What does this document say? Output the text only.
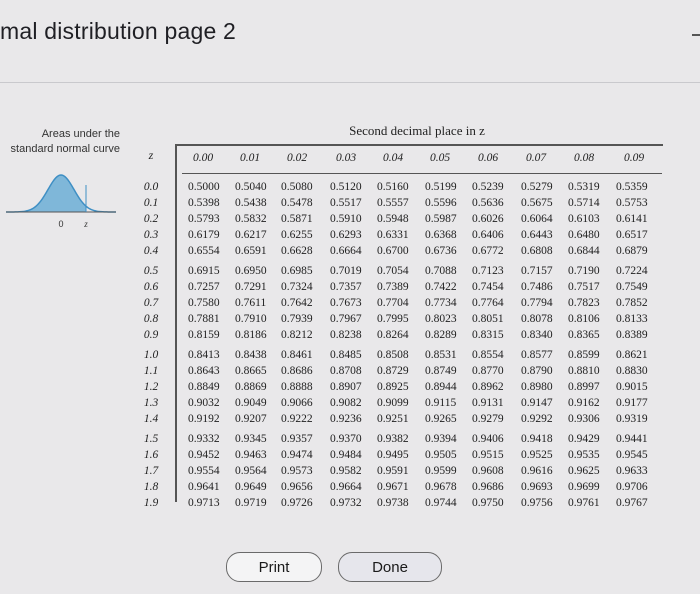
mal distribution page 2
Areas under the standard normal curve
0 z
Second decimal place in z
z	0.00 0.01 0.02	0.03 0.04 0.05 0.06 0.07 0.08	0.09
0.0	0.5000 0.5040 0.5080 0.5120 0.5160 0.5199 0.5239 0.5279 0.5319 0.5359
0.1	0.5398 0.5438 0.5478 0.5517 0.5557 0.5596 0.5636 0.5675 0.5714 0.5753
0.2	0.5793 0.5832 0.5871 0.5910 0.5948 0.5987 0.6026 0.6064 0.6103 0.6141
0.3	0.6179 0.6217 0.6255 0.6293 0.6331 0.6368 0.6406 0.6443 0.6480 0.6517
0.4	0.6554 0.6591 0.6628 0.6664 0.6700 0.6736 0.6772 0.6808 0.6844 0.6879
0.5	0.6915 0.6950 0.6985 0.7019 0.7054 0.7088 0.7123 0.7157 0.7190 0.7224
0.6	0.7257 0.7291 0.7324 0.7357 0.7389 0.7422 0.7454 0.7486 0.7517 0.7549
0.7	0.7580 0.7611 0.7642 0.7673 0.7704 0.7734 0.7764 0.7794 0.7823 0.7852
0.8	0.7881 0.7910 0.7939 0.7967 0.7995 0.8023 0.8051 0.8078 0.8106 0.8133
0.9	0.8159 0.8186 0.8212 0.8238 0.8264 0.8289 0.8315 0.8340 0.8365 0.8389
1.0	0.8413 0.8438 0.8461 0.8485 0.8508 0.8531 0.8554 0.8577 0.8599 0.8621
1.1	0.8643 0.8665 0.8686 0.8708 0.8729 0.8749 0.8770 0.8790 0.8810 0.8830
1.2	0.8849 0.8869 0.8888 0.8907 0.8925 0.8944 0.8962 0.8980 0.8997 0.9015
1.3	0.9032 0.9049 0.9066 0.9082 0.9099 0.9115 0.9131 0.9147 0.9162 0.9177
1.4	0.9192 0.9207 0.9222 0.9236 0.9251 0.9265 0.9279 0.9292 0.9306 0.9319
1.5	0.9332 0.9345 0.9357 0.9370 0.9382 0.9394 0.9406 0.9418 0.9429 0.9441
1.6	0.9452 0.9463 0.9474 0.9484 0.9495 0.9505 0.9515 0.9525 0.9535 0.9545
1.7	0.9554 0.9564 0.9573 0.9582 0.9591 0.9599 0.9608 0.9616 0.9625 0.9633
1.8	0.9641 0.9649 0.9656 0.9664 0.9671 0.9678 0.9686 0.9693 0.9699 0.9706
1.9	0.9713 0.9719 0.9726 0.9732 0.9738 0.9744 0.9750 0.9756 0.9761 0.9767
Print	Done
